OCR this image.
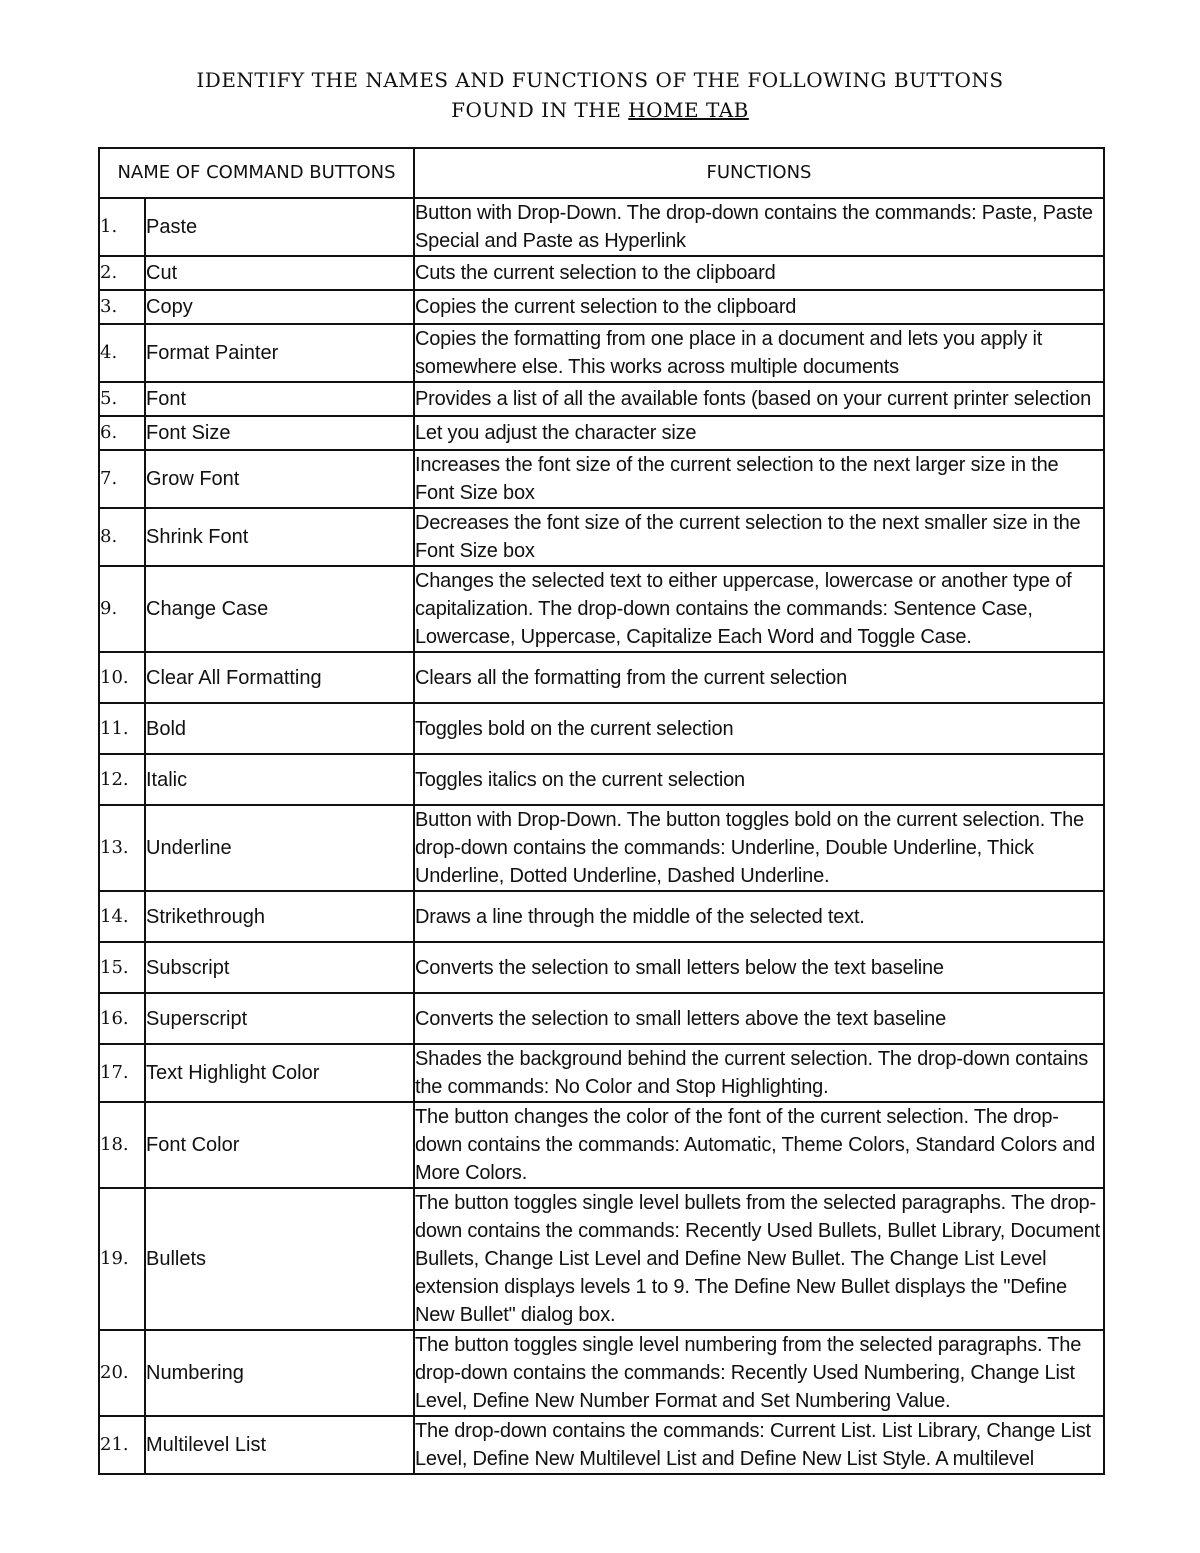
IDENTIFY THE NAMES AND FUNCTIONS OF THE FOLLOWING BUTTONS
FOUND IN THE HOME TAB
NAME OF COMMAND BUTTONS		FUNCTIONS
1.	Paste	Button with Drop-Down. The drop-down contains the commands: Paste, Paste Special and Paste as Hyperlink
2.	Cut	Cuts the current selection to the clipboard
3.	Copy	Copies the current selection to the clipboard
4.	Format Painter	Copies the formatting from one place in a document and lets you apply it somewhere else. This works across multiple documents
5.	Font	Provides a list of all the available fonts (based on your current printer selection
6.	Font Size	Let you adjust the character size
7.	Grow Font	Increases the font size of the current selection to the next larger size in the Font Size box
8.	Shrink Font	Decreases the font size of the current selection to the next smaller size in the Font Size box
9.	Change Case	Changes the selected text to either uppercase, lowercase or another type of capitalization. The drop-down contains the commands: Sentence Case, Lowercase, Uppercase, Capitalize Each Word and Toggle Case.
10.	Clear All Formatting	Clears all the formatting from the current selection
11.	Bold	Toggles bold on the current selection
12.	Italic	Toggles italics on the current selection
13.	Underline	Button with Drop-Down. The button toggles bold on the current selection. The drop-down contains the commands: Underline, Double Underline, Thick Underline, Dotted Underline, Dashed Underline.
14.	Strikethrough	Draws a line through the middle of the selected text.
15.	Subscript	Converts the selection to small letters below the text baseline
16.	Superscript	Converts the selection to small letters above the text baseline
17.	Text Highlight Color	Shades the background behind the current selection. The drop-down contains the commands: No Color and Stop Highlighting.
18.	Font Color	The button changes the color of the font of the current selection. The drop-down contains the commands: Automatic, Theme Colors, Standard Colors and More Colors.
19.	Bullets	The button toggles single level bullets from the selected paragraphs. The drop-down contains the commands: Recently Used Bullets, Bullet Library, Document Bullets, Change List Level and Define New Bullet. The Change List Level extension displays levels 1 to 9. The Define New Bullet displays the "Define New Bullet" dialog box.
20.	Numbering	The button toggles single level numbering from the selected paragraphs. The drop-down contains the commands: Recently Used Numbering, Change List Level, Define New Number Format and Set Numbering Value.
21.	Multilevel List	The drop-down contains the commands: Current List. List Library, Change List Level, Define New Multilevel List and Define New List Style. A multilevel
